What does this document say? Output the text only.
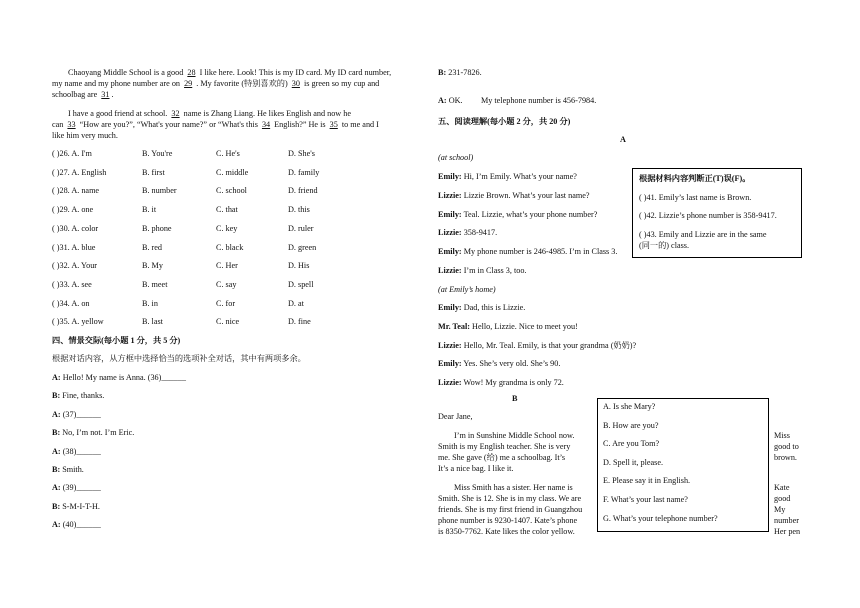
Chaoyang Middle School is a good 28 I like here. Look! This is my ID card. My ID card number,
my name and my phone number are on 29 . My favorite (特别喜欢的) 30 is green so my cup and
schoolbag are 31 .
I have a good friend at school. 32 name is Zhang Liang. He likes English and now he
can 33 “How are you?”, “What's your name?” or “What's this 34 English?” He is 35 to me and I
like him very much.
( )26. A. I'm	B. You're	C. He's	D. She's
( )27. A. English	B. first	C. middle	D. family
( )28. A. name	B. number	C. school	D. friend
( )29. A. one	B. it	C. that	D. this
( )30. A. color	B. phone	C. key	D. ruler
( )31. A. blue	B. red	C. black	D. green
( )32. A. Your	B. My	C. Her	D. His
( )33. A. see	B. meet	C. say	D. spell
( )34. A. on	B. in	C. for	D. at
( )35. A. yellow	B. last	C. nice	D. fine
四、情景交际(每小题 1 分，共 5 分)
根据对话内容，从方框中选择恰当的选项补全对话，其中有两项多余。
A: Hello! My name is Anna. (36)______
B: Fine, thanks.
A: (37)______
B: No, I’m not. I’m Eric.
A: (38)______
B: Smith.
A: (39)______
B: S-M-I-T-H.
A: (40)______
B: 231-7826.
A: OK.         My telephone number is 456-7984.
五、阅读理解(每小题 2 分，共 20 分)
A
(at school)
Emily: Hi, I’m Emily. What’s your name?
Lizzie: Lizzie Brown. What’s your last name?
Emily: Teal. Lizzie, what’s your phone number?
Lizzie: 358-9417.
Emily: My phone number is 246-4985. I’m in Class 3.
Lizzie: I’m in Class 3, too.
(at Emily’s home)
Emily: Dad, this is Lizzie.
Mr. Teal: Hello, Lizzie. Nice to meet you!
Lizzie: Hello, Mr. Teal. Emily, is that your grandma (奶奶)?
Emily: Yes. She’s very old. She’s 90.
Lizzie: Wow! My grandma is only 72.

根据材料内容判断正(T)误(F)。

( )41. Emily’s last name is Brown.

( )42. Lizzie’s phone number is 358-9417.

( )43. Emily and Lizzie are in the same

(同一的) class.

B
Dear Jane,
I’m in Sunshine Middle School now.
Smith is my English teacher. She is very
me. She gave (给) me a schoolbag. It’s
It’s a nice bag. I like it.
Miss Smith has a sister. Her name is
Smith. She is 12. She is in my class. We are
friends. She is my first friend in Guangzhou
phone number is 9230-1407. Kate’s phone
is 8350-7762. Kate likes the color yellow.

A. Is she Mary?

B. How are you?

C. Are you Tom?

D. Spell it, please.

E. Please say it in English.

F. What’s your last name?

G. What’s your telephone number?

Miss
good to
brown.
Kate
good
My
number
Her pen
